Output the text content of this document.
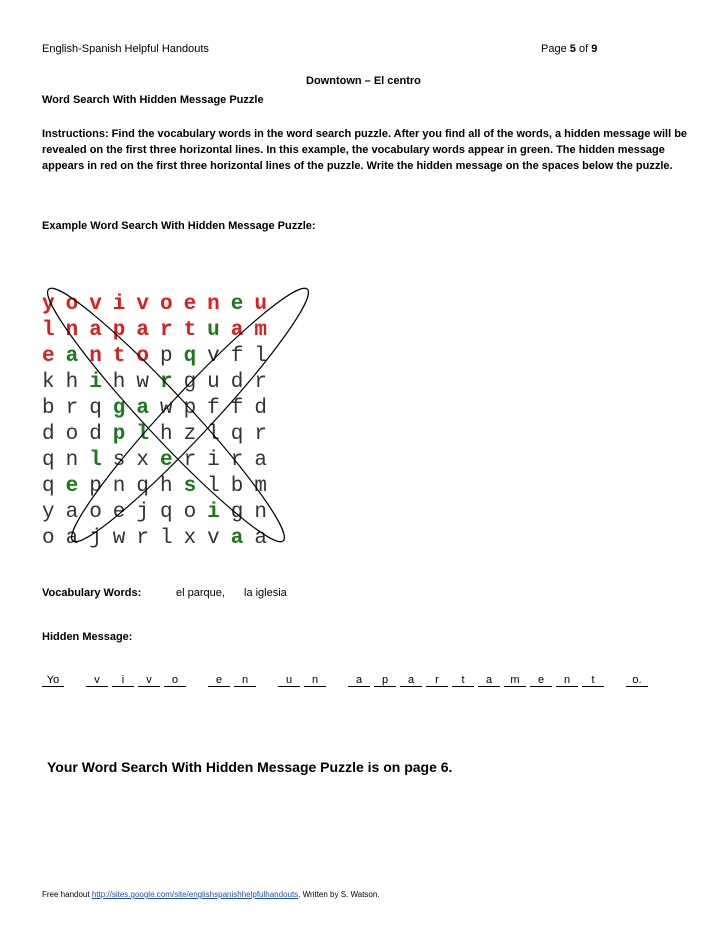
English-Spanish Helpful Handouts	Page 5 of 9
Downtown – El centro
Word Search With Hidden Message Puzzle
Instructions: Find the vocabulary words in the word search puzzle. After you find all of the words, a hidden message will be revealed on the first three horizontal lines. In this example, the vocabulary words appear in green. The hidden message appears in red on the first three horizontal lines of the puzzle. Write the hidden message on the spaces below the puzzle.
Example Word Search With Hidden Message Puzzle:
y o v i v o e n e u
l n a p a r t u a m
e a n t o p q v f l
k h i h w r g u d r
b r q g a w p f f d
d o d p l h z l q r
q n l s x e r i r a
q e p n q h s l b m
y a o e j q o i g n
o a j w r l x v a a
Vocabulary Words:	el parque, la iglesia
Hidden Message:
Yo	v i v o	e n	u n	a p a r t a m e n t	o.
Your Word Search With Hidden Message Puzzle is on page 6.
Free handout http://sites.google.com/site/englishspanishhelpfulhandouts. Written by S. Watson.
